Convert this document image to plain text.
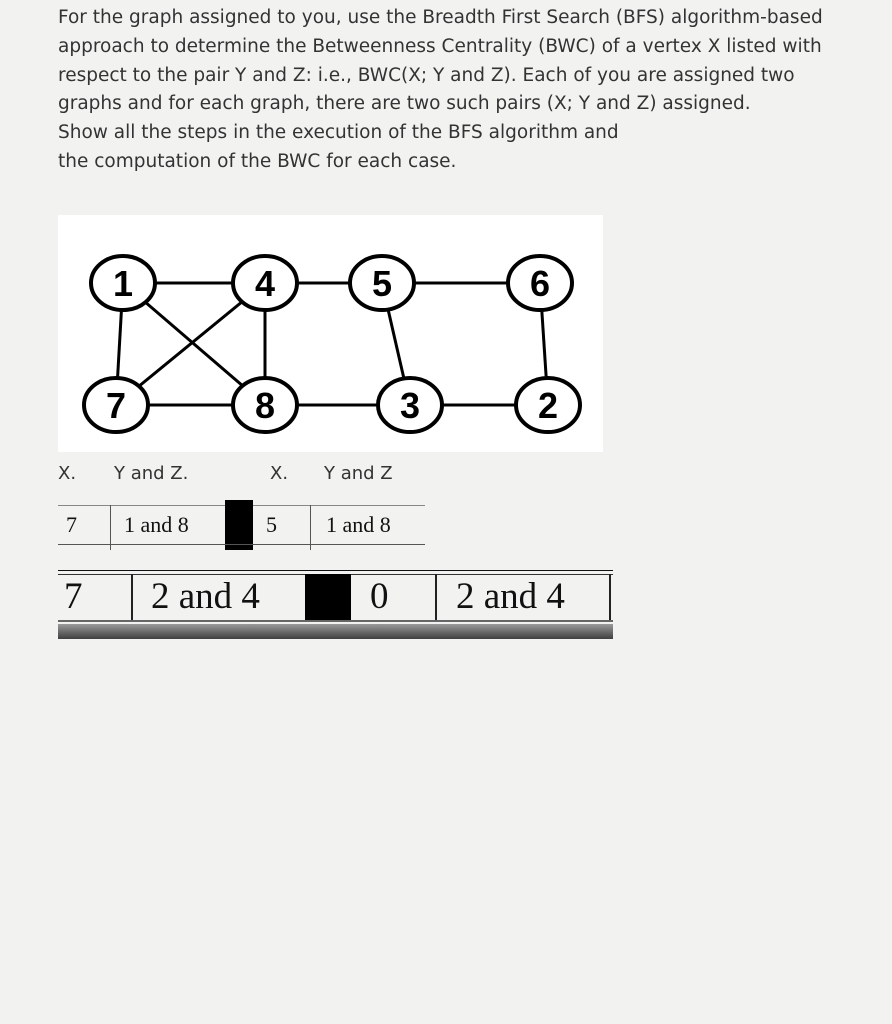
For the graph assigned to you, use the Breadth First Search (BFS) algorithm-based

approach to determine the Betweenness Centrality (BWC) of a vertex X listed with

respect to the pair Y and Z: i.e., BWC(X; Y and Z). Each of you are assigned two

graphs and for each graph, there are two such pairs (X; Y and Z) assigned.

Show all the steps in the execution of the BFS algorithm and

the computation of the BWC for each case.

1	4	5	6
7	8	3	2
X. Y and Z.	X. Y and Z
7 1 and 8	5 1 and 8
7 2 and 4	0 2 and 4
